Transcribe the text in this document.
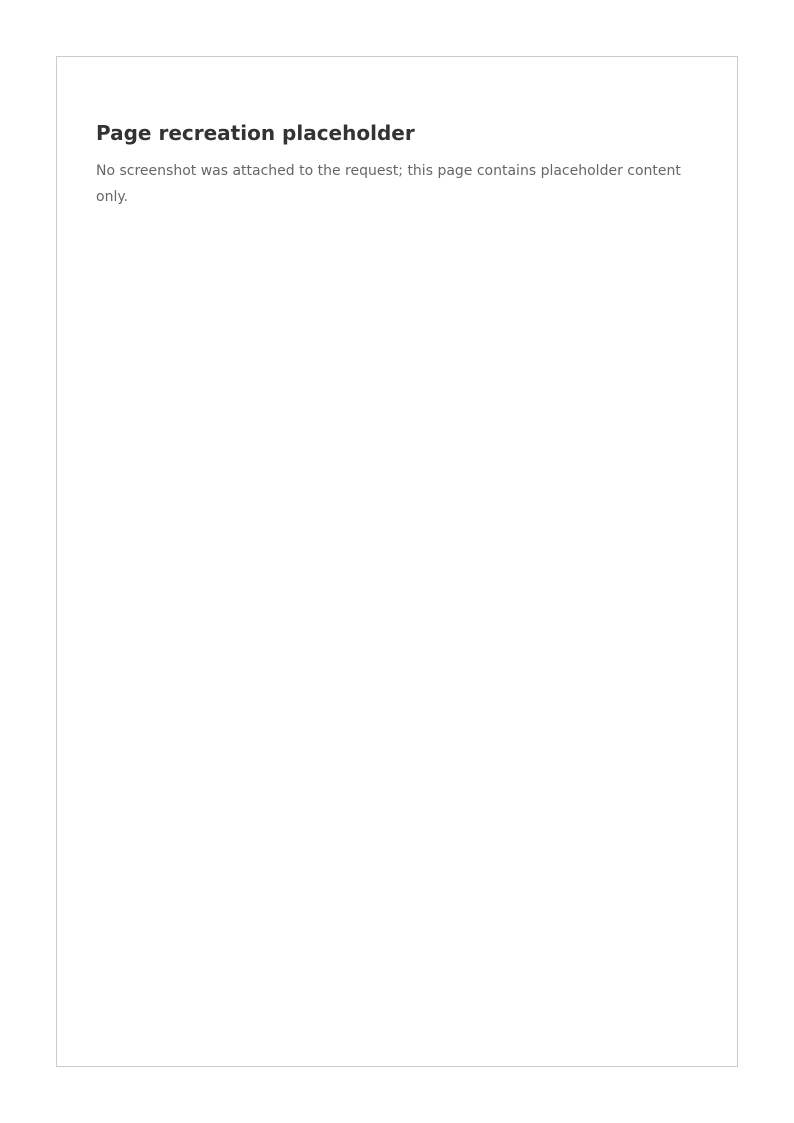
Page recreation placeholder
No screenshot was attached to the request; this page contains placeholder content only.
